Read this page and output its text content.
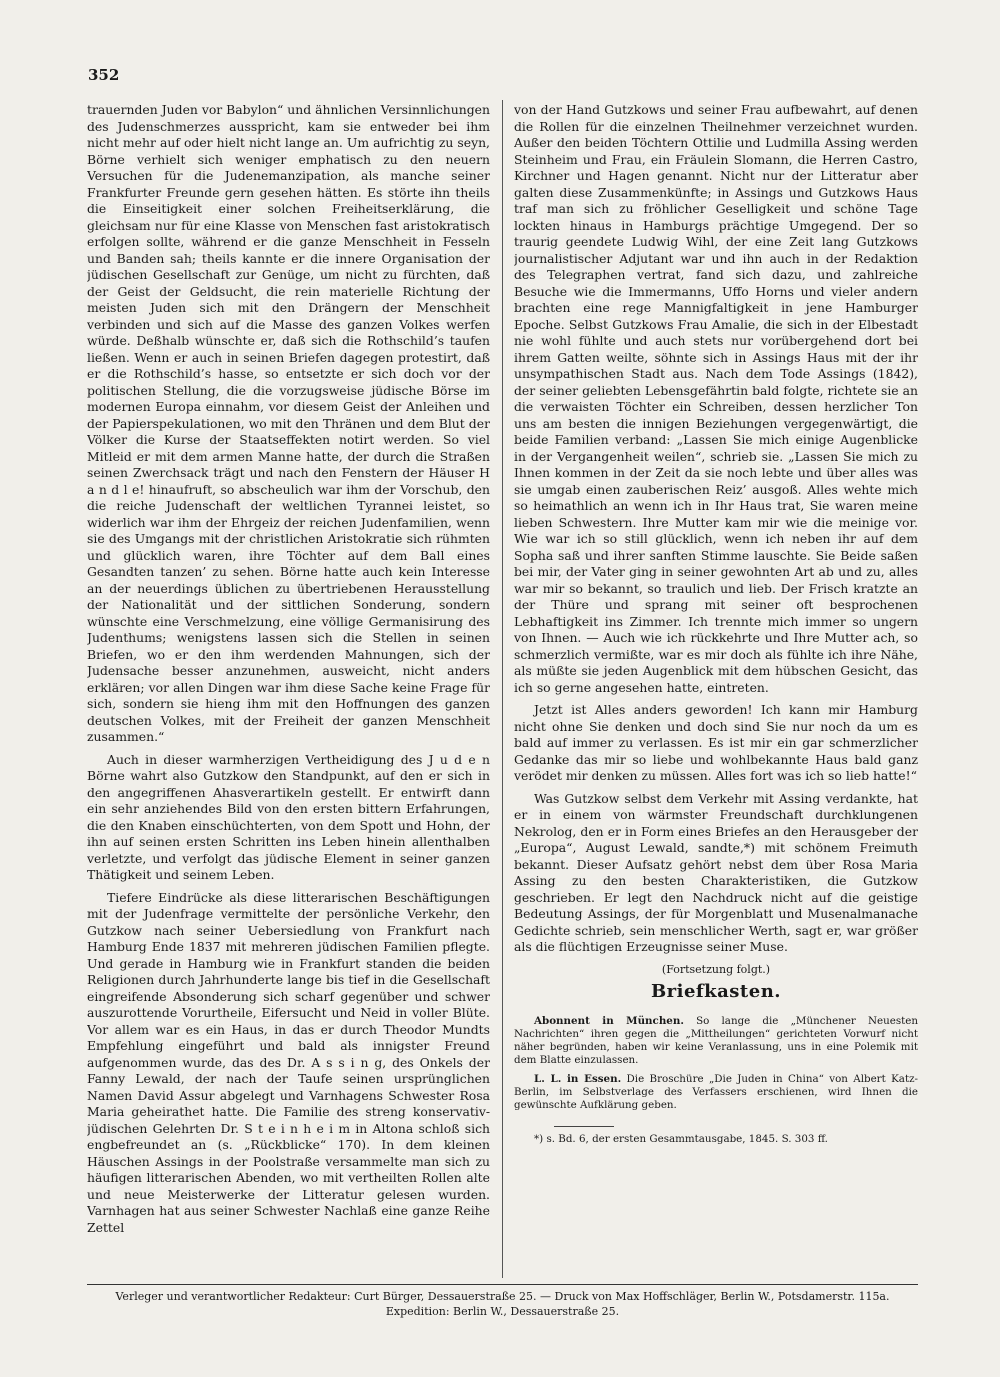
352

trauernden Juden vor Babylon“ und ähnlichen Versinnlichungen des Judenschmerzes ausspricht, kam sie entweder bei ihm nicht mehr auf oder hielt nicht lange an. Um aufrichtig zu seyn, Börne verhielt sich weniger emphatisch zu den neuern Versuchen für die Judenemanzipation, als manche seiner Frankfurter Freunde gern gesehen hätten. Es störte ihn theils die Einseitigkeit einer solchen Freiheitserklärung, die gleichsam nur für eine Klasse von Menschen fast aristokratisch erfolgen sollte, während er die ganze Menschheit in Fesseln und Banden sah; theils kannte er die innere Organisation der jüdischen Gesellschaft zur Genüge, um nicht zu fürchten, daß der Geist der Geldsucht, die rein materielle Richtung der meisten Juden sich mit den Drängern der Menschheit verbinden und sich auf die Masse des ganzen Volkes werfen würde. Deßhalb wünschte er, daß sich die Rothschild’s taufen ließen. Wenn er auch in seinen Briefen dagegen protestirt, daß er die Rothschild’s hasse, so entsetzte er sich doch vor der politischen Stellung, die die vorzugsweise jüdische Börse im modernen Europa einnahm, vor diesem Geist der Anleihen und der Papierspekulationen, wo mit den Thränen und dem Blut der Völker die Kurse der Staatseffekten notirt werden. So viel Mitleid er mit dem armen Manne hatte, der durch die Straßen seinen Zwerchsack trägt und nach den Fenstern der Häuser H a n d l e! hinaufruft, so abscheulich war ihm der Vorschub, den die reiche Judenschaft der weltlichen Tyrannei leistet, so widerlich war ihm der Ehrgeiz der reichen Judenfamilien, wenn sie des Umgangs mit der christlichen Aristokratie sich rühmten und glücklich waren, ihre Töchter auf dem Ball eines Gesandten tanzen’ zu sehen. Börne hatte auch kein Interesse an der neuerdings üblichen zu übertriebenen Herausstellung der Nationalität und der sittlichen Sonderung, sondern wünschte eine Verschmelzung, eine völlige Germanisirung des Judenthums; wenigstens lassen sich die Stellen in seinen Briefen, wo er den ihm werdenden Mahnungen, sich der Judensache besser anzunehmen, ausweicht, nicht anders erklären; vor allen Dingen war ihm diese Sache keine Frage für sich, sondern sie hieng ihm mit den Hoffnungen des ganzen deutschen Volkes, mit der Freiheit der ganzen Menschheit zusammen.“

Auch in dieser warmherzigen Vertheidigung des J u d e n Börne wahrt also Gutzkow den Standpunkt, auf den er sich in den angegriffenen Ahasverartikeln gestellt. Er entwirft dann ein sehr anziehendes Bild von den ersten bittern Erfahrungen, die den Knaben einschüchterten, von dem Spott und Hohn, der ihn auf seinen ersten Schritten ins Leben hinein allenthalben verletzte, und verfolgt das jüdische Element in seiner ganzen Thätigkeit und seinem Leben.

Tiefere Eindrücke als diese litterarischen Beschäftigungen mit der Judenfrage vermittelte der persönliche Verkehr, den Gutzkow nach seiner Uebersiedlung von Frankfurt nach Hamburg Ende 1837 mit mehreren jüdischen Familien pflegte. Und gerade in Hamburg wie in Frankfurt standen die beiden Religionen durch Jahrhunderte lange bis tief in die Gesellschaft eingreifende Absonderung sich scharf gegenüber und schwer auszurottende Vorurtheile, Eifersucht und Neid in voller Blüte. Vor allem war es ein Haus, in das er durch Theodor Mundts Empfehlung eingeführt und bald als innigster Freund aufgenommen wurde, das des Dr. A s s i n g, des Onkels der Fanny Lewald, der nach der Taufe seinen ursprünglichen Namen David Assur abgelegt und Varnhagens Schwester Rosa Maria geheirathet hatte. Die Familie des streng konservativ-jüdischen Gelehrten Dr. S t e i n h e i m in Altona schloß sich engbefreundet an (s. „Rückblicke“ 170). In dem kleinen Häuschen Assings in der Poolstraße versammelte man sich zu häufigen litterarischen Abenden, wo mit vertheilten Rollen alte und neue Meisterwerke der Litteratur gelesen wurden. Varnhagen hat aus seiner Schwester Nachlaß eine ganze Reihe Zettel

von der Hand Gutzkows und seiner Frau aufbewahrt, auf denen die Rollen für die einzelnen Theilnehmer verzeichnet wurden. Außer den beiden Töchtern Ottilie und Ludmilla Assing werden Steinheim und Frau, ein Fräulein Slomann, die Herren Castro, Kirchner und Hagen genannt. Nicht nur der Litteratur aber galten diese Zusammenkünfte; in Assings und Gutzkows Haus traf man sich zu fröhlicher Geselligkeit und schöne Tage lockten hinaus in Hamburgs prächtige Umgegend. Der so traurig geendete Ludwig Wihl, der eine Zeit lang Gutzkows journalistischer Adjutant war und ihn auch in der Redaktion des Telegraphen vertrat, fand sich dazu, und zahlreiche Besuche wie die Immermanns, Uffo Horns und vieler andern brachten eine rege Mannigfaltigkeit in jene Hamburger Epoche. Selbst Gutzkows Frau Amalie, die sich in der Elbestadt nie wohl fühlte und auch stets nur vorübergehend dort bei ihrem Gatten weilte, söhnte sich in Assings Haus mit der ihr unsympathischen Stadt aus. Nach dem Tode Assings (1842), der seiner geliebten Lebensgefährtin bald folgte, richtete sie an die verwaisten Töchter ein Schreiben, dessen herzlicher Ton uns am besten die innigen Beziehungen vergegenwärtigt, die beide Familien verband: „Lassen Sie mich einige Augenblicke in der Vergangenheit weilen“, schrieb sie. „Lassen Sie mich zu Ihnen kommen in der Zeit da sie noch lebte und über alles was sie umgab einen zauberischen Reiz’ ausgoß. Alles wehte mich so heimathlich an wenn ich in Ihr Haus trat, Sie waren meine lieben Schwestern. Ihre Mutter kam mir wie die meinige vor. Wie war ich so still glücklich, wenn ich neben ihr auf dem Sopha saß und ihrer sanften Stimme lauschte. Sie Beide saßen bei mir, der Vater ging in seiner gewohnten Art ab und zu, alles war mir so bekannt, so traulich und lieb. Der Frisch kratzte an der Thüre und sprang mit seiner oft besprochenen Lebhaftigkeit ins Zimmer. Ich trennte mich immer so ungern von Ihnen. — Auch wie ich rückkehrte und Ihre Mutter ach, so schmerzlich vermißte, war es mir doch als fühlte ich ihre Nähe, als müßte sie jeden Augenblick mit dem hübschen Gesicht, das ich so gerne angesehen hatte, eintreten.

Jetzt ist Alles anders geworden! Ich kann mir Hamburg nicht ohne Sie denken und doch sind Sie nur noch da um es bald auf immer zu verlassen. Es ist mir ein gar schmerzlicher Gedanke das mir so liebe und wohlbekannte Haus bald ganz verödet mir denken zu müssen. Alles fort was ich so lieb hatte!“

Was Gutzkow selbst dem Verkehr mit Assing verdankte, hat er in einem von wärmster Freundschaft durchklungenen Nekrolog, den er in Form eines Briefes an den Herausgeber der „Europa“, August Lewald, sandte,*) mit schönem Freimuth bekannt. Dieser Aufsatz gehört nebst dem über Rosa Maria Assing zu den besten Charakteristiken, die Gutzkow geschrieben. Er legt den Nachdruck nicht auf die geistige Bedeutung Assings, der für Morgenblatt und Musenalmanache Gedichte schrieb, sein menschlicher Werth, sagt er, war größer als die flüchtigen Erzeugnisse seiner Muse.

(Fortsetzung folgt.)

Briefkasten.

Abonnent in München. So lange die „Münchener Neuesten Nachrichten“ ihren gegen die „Mittheilungen“ gerichteten Vorwurf nicht näher begründen, haben wir keine Veranlassung, uns in eine Polemik mit dem Blatte einzulassen.

L. L. in Essen. Die Broschüre „Die Juden in China“ von Albert Katz-Berlin, im Selbstverlage des Verfassers erschienen, wird Ihnen die gewünschte Aufklärung geben.

*) s. Bd. 6, der ersten Gesammtausgabe, 1845. S. 303 ff.

Verleger und verantwortlicher Redakteur: Curt Bürger, Dessauerstraße 25. — Druck von Max Hoffschläger, Berlin W., Potsdamerstr. 115a.
Expedition: Berlin W., Dessauerstraße 25.
